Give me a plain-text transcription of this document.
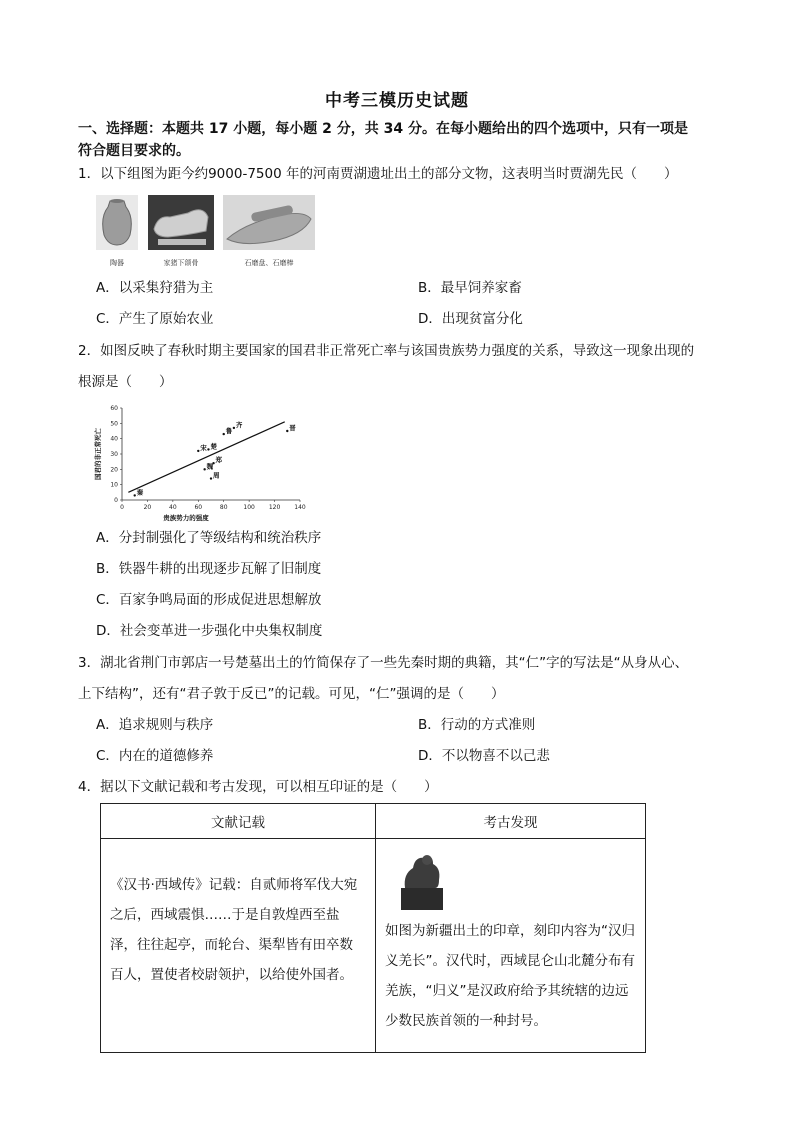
中考三模历史试题
一、选择题：本题共 17 小题，每小题 2 分，共 34 分。在每小题给出的四个选项中，只有一项是
符合题目要求的。
1．以下组图为距今约9000-7500 年的河南贾湖遗址出土的部分文物，这表明当时贾湖先民（　　）
陶器	家猪下颌骨	石磨盘、石磨棒
A．以采集狩猎为主	B．最早饲养家畜
C．产生了原始农业	D．出现贫富分化
2．如图反映了春秋时期主要国家的国君非正常死亡率与该国贵族势力强度的关系，导致这一现象出现的
根源是（　　）
0	20	40	60	80	100 120 140
0
10
20
30
40
50
60
贵族势力的强度
国君的非正常死亡
秦
宋 楚
鲁
齐
郑
魏
周
晋
A．分封制强化了等级结构和统治秩序
B．铁器牛耕的出现逐步瓦解了旧制度
C．百家争鸣局面的形成促进思想解放
D．社会变革进一步强化中央集权制度
3．湖北省荆门市郭店一号楚墓出土的竹简保存了一些先秦时期的典籍，其“仁”字的写法是“从身从心、
上下结构”，还有“君子敦于反已”的记载。可见，“仁”强调的是（　　）
A．追求规则与秩序	B．行动的方式准则
C．内在的道德修养	D．不以物喜不以己悲
4．据以下文献记载和考古发现，可以相互印证的是（　　）
文献记载	考古发现

《汉书·西域传》记载：自贰师将军伐大宛之后，西域震惧……于是自敦煌西至盐泽，往往起亭，而轮台、渠犁皆有田卒数百人，置使者校尉领护，以给使外国者。	如图为新疆出土的印章，刻印内容为“汉归义羌长”。汉代时，西域昆仑山北麓分布有羌族，“归义”是汉政府给予其统辖的边远少数民族首领的一种封号。
